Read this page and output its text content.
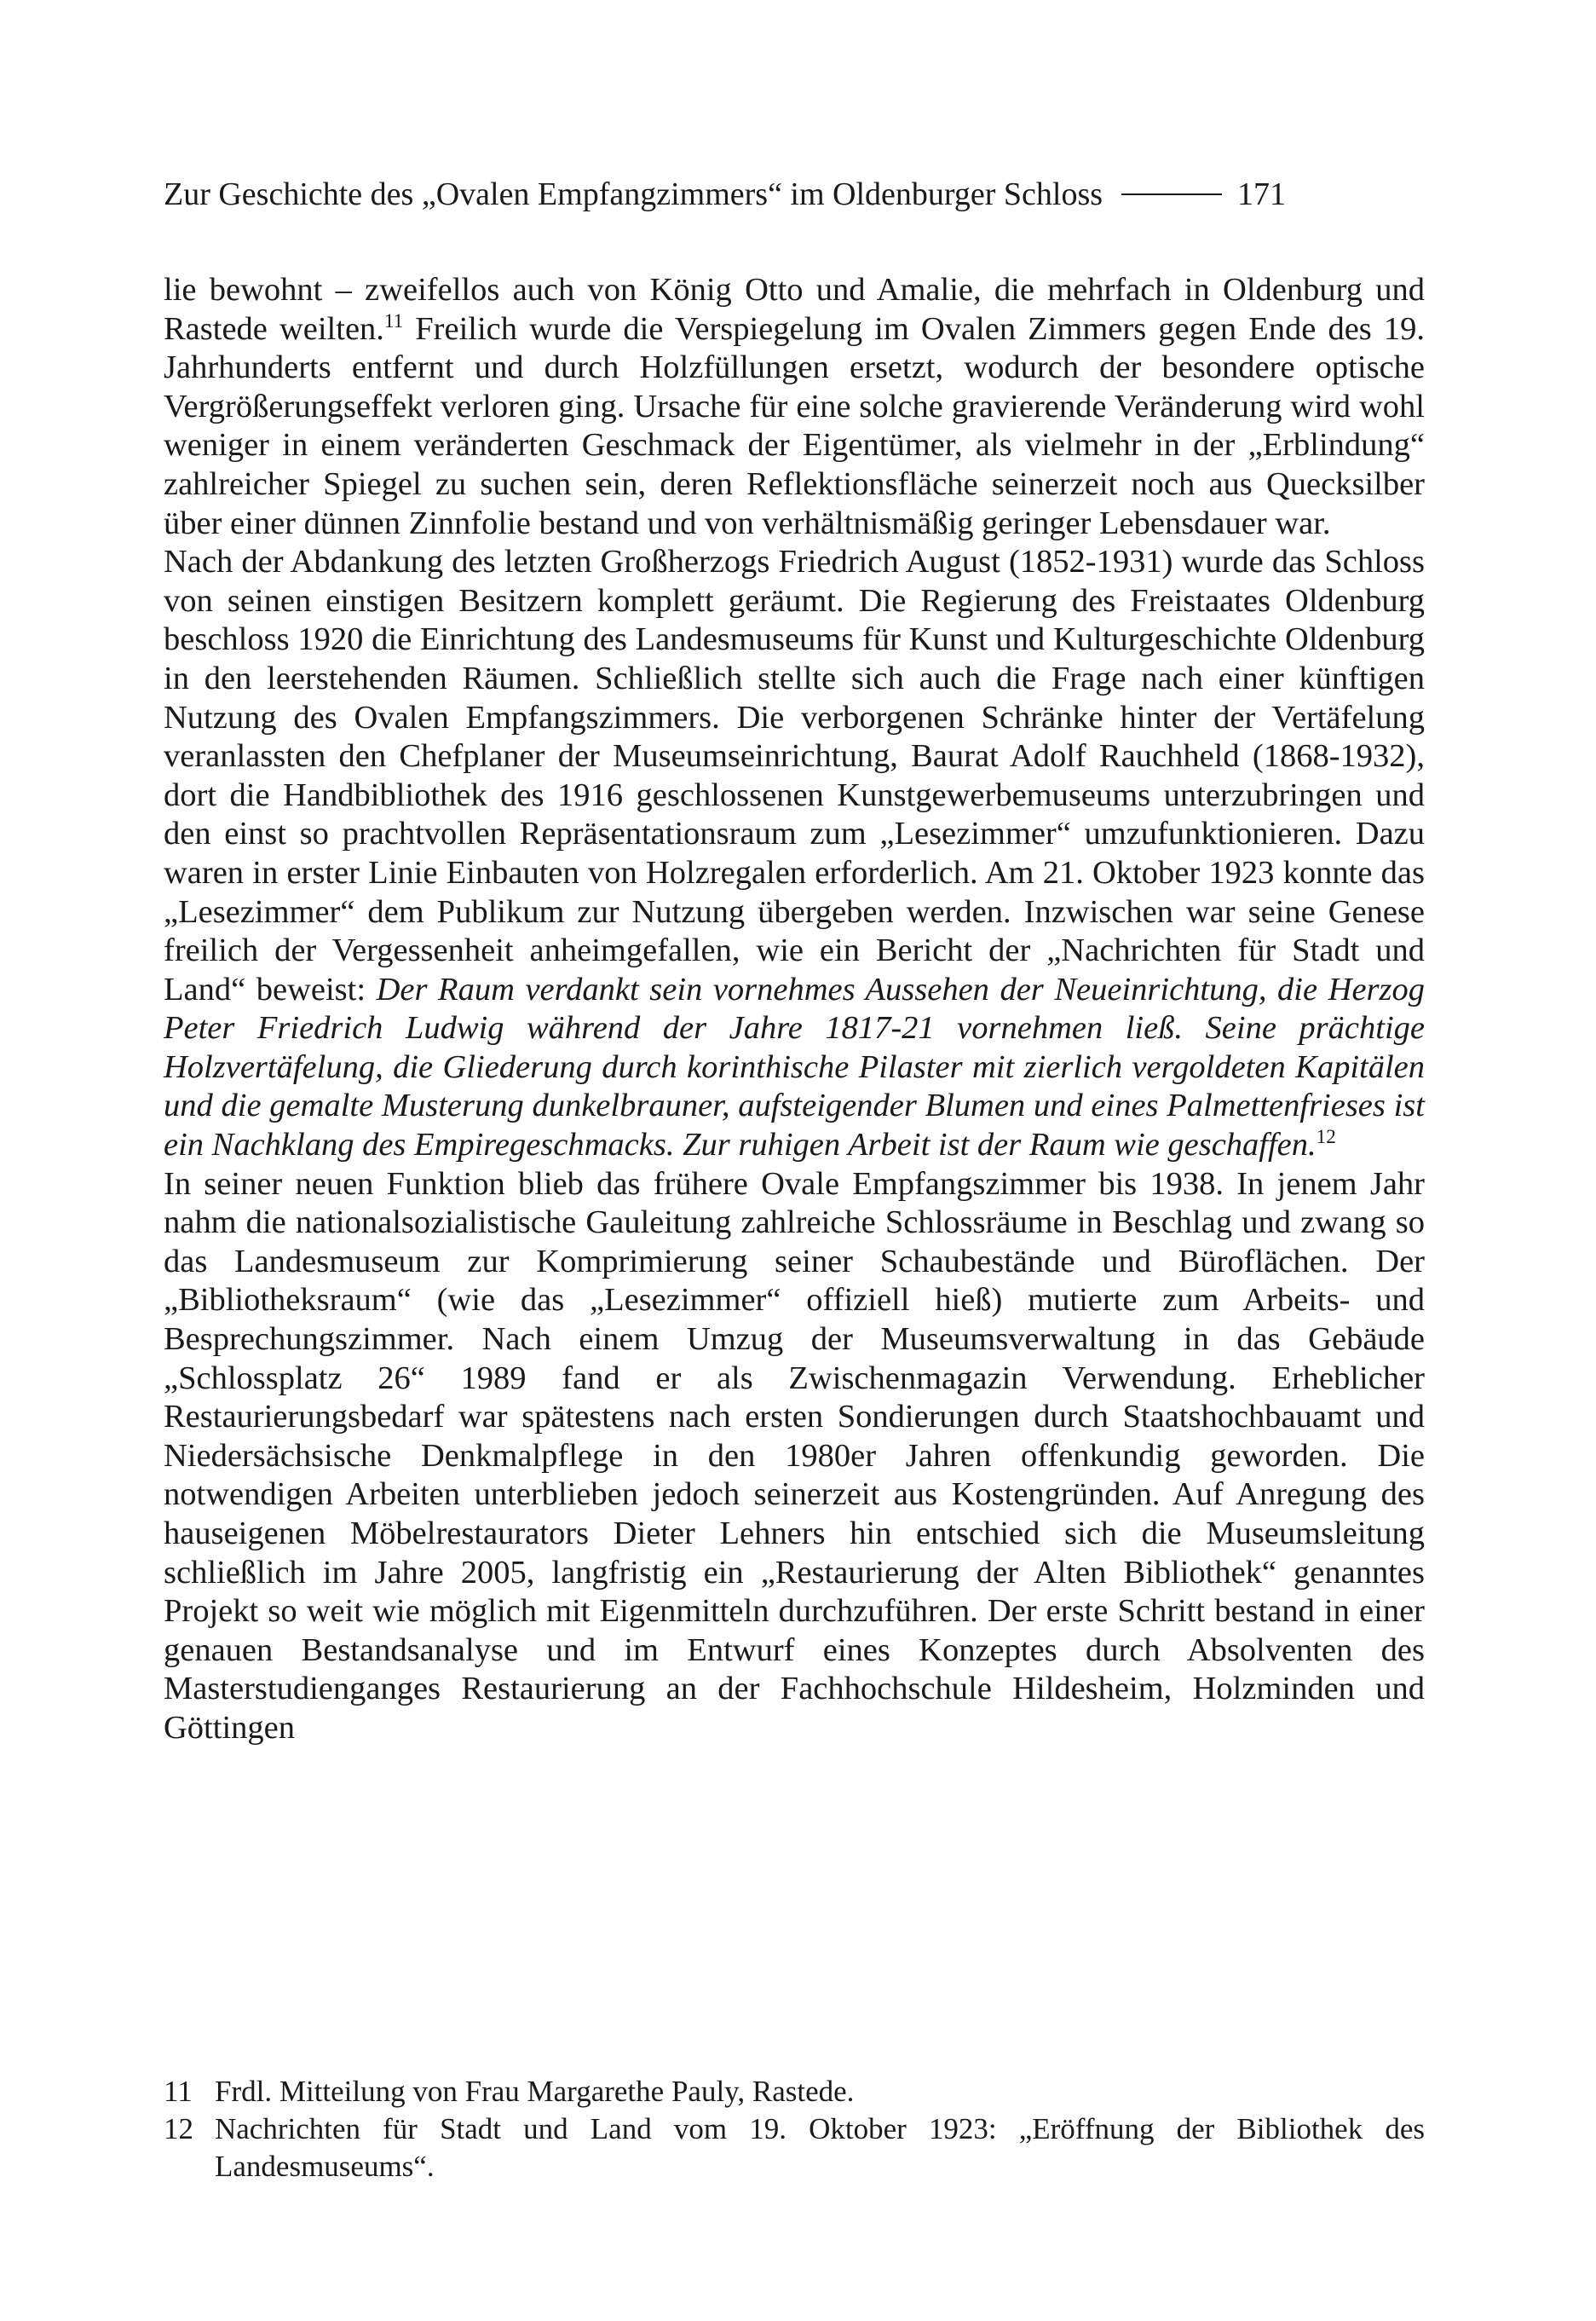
Zur Geschichte des „Ovalen Empfangzimmers“ im Oldenburger Schloss	171

lie bewohnt – zweifellos auch von König Otto und Amalie, die mehrfach in Oldenburg und Rastede weilten.$^{11}$ Freilich wurde die Verspiegelung im Ovalen Zimmers gegen Ende des 19. Jahrhunderts entfernt und durch Holzfüllungen ersetzt, wodurch der besondere optische Vergrößerungseffekt verloren ging. Ursache für eine solche gravierende Veränderung wird wohl weniger in einem veränderten Geschmack der Eigentümer, als vielmehr in der „Erblindung“ zahlreicher Spiegel zu suchen sein, deren Reflektionsfläche seinerzeit noch aus Quecksilber über einer dünnen Zinnfolie bestand und von verhältnismäßig geringer Lebensdauer war.

Nach der Abdankung des letzten Großherzogs Friedrich August (1852-1931) wurde das Schloss von seinen einstigen Besitzern komplett geräumt. Die Regierung des Freistaates Oldenburg beschloss 1920 die Einrichtung des Landesmuseums für Kunst und Kulturgeschichte Oldenburg in den leerstehenden Räumen. Schließlich stellte sich auch die Frage nach einer künftigen Nutzung des Ovalen Empfangszimmers. Die verborgenen Schränke hinter der Vertäfelung veranlassten den Chefplaner der Museumseinrichtung, Baurat Adolf Rauchheld (1868-1932), dort die Handbibliothek des 1916 geschlossenen Kunstgewerbemuseums unterzubringen und den einst so prachtvollen Repräsentationsraum zum „Lesezimmer“ umzufunktionieren. Dazu waren in erster Linie Einbauten von Holzregalen erforderlich. Am 21. Oktober 1923 konnte das „Lesezimmer“ dem Publikum zur Nutzung übergeben werden. Inzwischen war seine Genese freilich der Vergessenheit anheimgefallen, wie ein Bericht der „Nachrichten für Stadt und Land“ beweist: Der Raum verdankt sein vornehmes Aussehen der Neueinrichtung, die Herzog Peter Friedrich Ludwig während der Jahre 1817-21 vornehmen ließ. Seine prächtige Holzvertäfelung, die Gliederung durch korinthische Pilaster mit zierlich vergoldeten Kapitälen und die gemalte Musterung dunkelbrauner, aufsteigender Blumen und eines Palmettenfrieses ist ein Nachklang des Empiregeschmacks. Zur ruhigen Arbeit ist der Raum wie geschaffen.$^{12}$

In seiner neuen Funktion blieb das frühere Ovale Empfangszimmer bis 1938. In jenem Jahr nahm die nationalsozialistische Gauleitung zahlreiche Schlossräume in Beschlag und zwang so das Landesmuseum zur Komprimierung seiner Schaubestände und Büroflächen. Der „Bibliotheksraum“ (wie das „Lesezimmer“ offiziell hieß) mutierte zum Arbeits- und Besprechungszimmer. Nach einem Umzug der Museumsverwaltung in das Gebäude „Schlossplatz 26“ 1989 fand er als Zwischenmagazin Verwendung. Erheblicher Restaurierungsbedarf war spätestens nach ersten Sondierungen durch Staatshochbauamt und Niedersächsische Denkmalpflege in den 1980er Jahren offenkundig geworden. Die notwendigen Arbeiten unterblieben jedoch seinerzeit aus Kostengründen. Auf Anregung des hauseigenen Möbelrestaurators Dieter Lehners hin entschied sich die Museumsleitung schließlich im Jahre 2005, langfristig ein „Restaurierung der Alten Bibliothek“ genanntes Projekt so weit wie möglich mit Eigenmitteln durchzuführen. Der erste Schritt bestand in einer genauen Bestandsanalyse und im Entwurf eines Konzeptes durch Absolventen des Masterstudienganges Restaurierung an der Fachhochschule Hildesheim, Holzminden und Göttingen

11 Frdl. Mitteilung von Frau Margarethe Pauly, Rastede.
12 Nachrichten für Stadt und Land vom 19. Oktober 1923: „Eröffnung der Bibliothek des Landesmuseums“.
